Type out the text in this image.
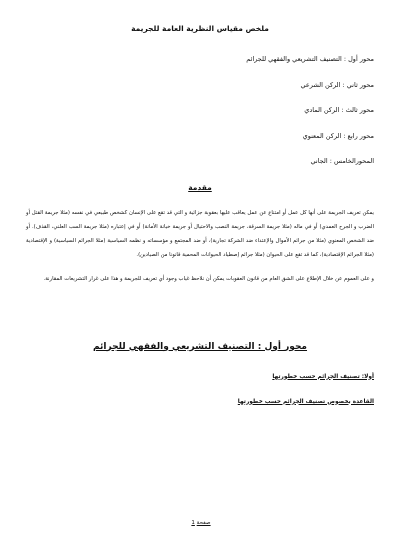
ملخص مقياس النظرية العامة للجريمة
محور أول : التصنيف التشريعي والفقهي للجرائم
محور ثاني : الركن الشرعي
محور ثالث : الركن المادي
محور رابع : الركن المعنوي
المحورالخامس : الجاني
مقدمة

يمكن تعريف الجريمة على أنها كل عمل أو امتناع عن عمل يعاقب عليها بعقوبة جزائية و التي قد تقع على الإنسان كشخص طبيعي في نفسه (مثلا جريمة القتل أو الضرب و الجرح العمدي) أو في ماله (مثلا جريمة السرقة، جريمة النصب والاحتيال أو جريمة خيانة الأمانة) أو في إعتباره (مثلا جريمة السب العلني، القذف). أو ضد الشخص المعنوي (مثلا من جرائم الأموال والإعتداء ضد الشركة تجارية)، أو ضد المجتمع و مؤسساته و نظمه السياسية (مثلا الجرائم السياسية) و الإقتصادية (مثلا الجرائم الإقتصادية)، كما قد تقع على الحيوان (مثلا جرائم إصطياد الحيوانات المحمية قانونا من الصيادين).

و على العموم عن خلال الإطلاع على الشق العام من قانون العقوبات يمكن أن نلاحظ غياب وجود أي تعريف للجريمة و هذا على غرار التشريعات المقارنة.

محور أول : التصنيف التشريعي والفقهي للجرائم
أولا: تصنيف الجرائم حسب خطورتها
القاعدة بخصوص تصنيف الجرائم حسب خطورتها
صفحة 1
